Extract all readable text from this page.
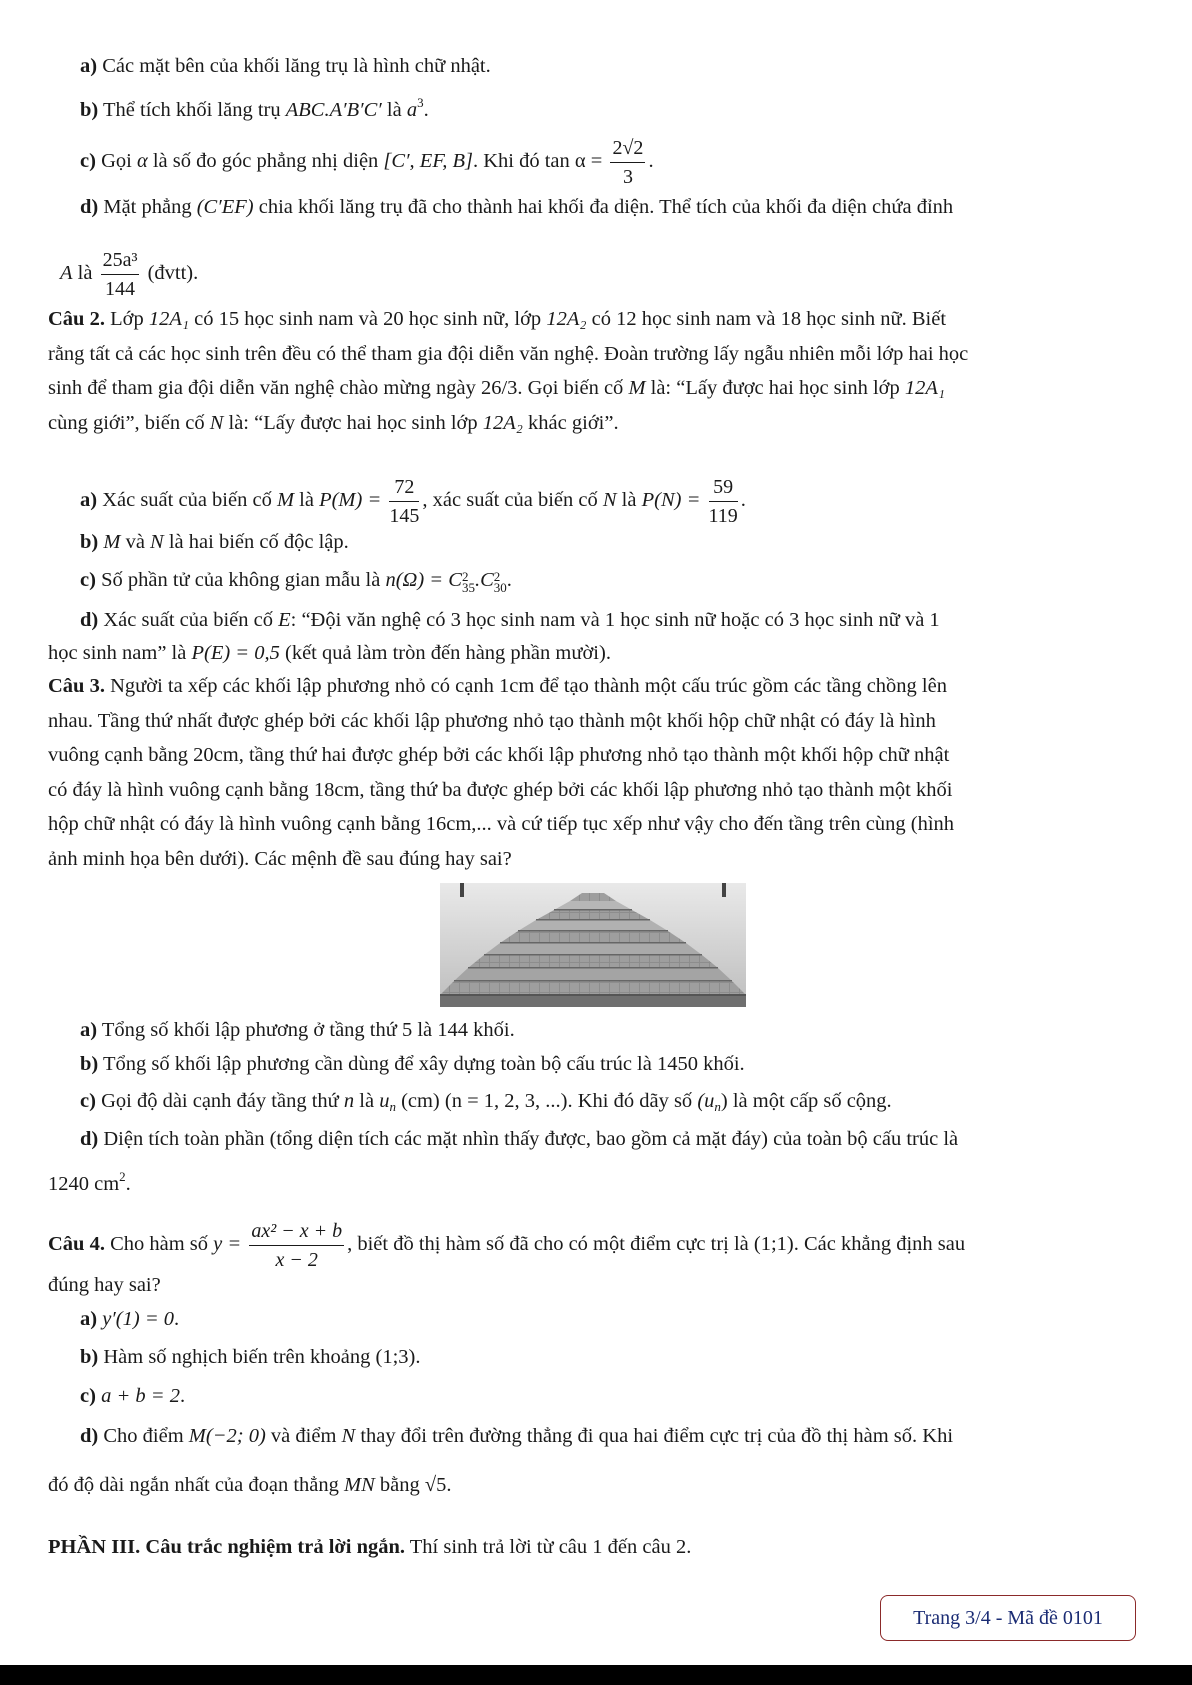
a) Các mặt bên của khối lăng trụ là hình chữ nhật.
b) Thể tích khối lăng trụ ABC.A′B′C′ là $a^3$.
c) Gọi α là số đo góc phẳng nhị diện [C′, EF, B]. Khi đó $\tan \alpha = \frac{2√2}{3}$ .
d) Mặt phẳng (C′EF) chia khối lăng trụ đã cho thành hai khối đa diện. Thể tích của khối đa diện chứa đỉnh
A là $\frac{\text{25a³}}{144}$ (đvtt).
Câu 2. Lớp 12A₁ có 15 học sinh nam và 20 học sinh nữ, lớp 12A₂ có 12 học sinh nam và 18 học sinh nữ. Biết
rằng tất cả các học sinh trên đều có thể tham gia đội diễn văn nghệ. Đoàn trường lấy ngẫu nhiên mỗi lớp hai học
sinh để tham gia đội diễn văn nghệ chào mừng ngày 26/3. Gọi biến cố M là: “Lấy được hai học sinh lớp 12A₁
cùng giới”, biến cố N là: “Lấy được hai học sinh lớp 12A₂ khác giới”.
a) Xác suất của biến cố M là $P(M) = \frac{72}{145}$ , xác suất của biến cố N là $P(N) = \frac{59}{119}$ .
b) M và N là hai biến cố độc lập.
c) Số phần tử của không gian mẫu là n(Ω) = C 2
35 .C 2
30 .
d) Xác suất của biến cố E: “Đội văn nghệ có 3 học sinh nam và 1 học sinh nữ hoặc có 3 học sinh nữ và 1
học sinh nam” là P(E) = 0,5 (kết quả làm tròn đến hàng phần mười).
Câu 3. Người ta xếp các khối lập phương nhỏ có cạnh 1cm để tạo thành một cấu trúc gồm các tầng chồng lên
nhau. Tầng thứ nhất được ghép bởi các khối lập phương nhỏ tạo thành một khối hộp chữ nhật có đáy là hình
vuông cạnh bằng 20cm, tầng thứ hai được ghép bởi các khối lập phương nhỏ tạo thành một khối hộp chữ nhật
có đáy là hình vuông cạnh bằng 18cm, tầng thứ ba được ghép bởi các khối lập phương nhỏ tạo thành một khối
hộp chữ nhật có đáy là hình vuông cạnh bằng 16cm,... và cứ tiếp tục xếp như vậy cho đến tầng trên cùng (hình
ảnh minh họa bên dưới). Các mệnh đề sau đúng hay sai?
a) Tổng số khối lập phương ở tầng thứ 5 là 144 khối.
b) Tổng số khối lập phương cần dùng để xây dựng toàn bộ cấu trúc là 1450 khối.
c) Gọi độ dài cạnh đáy tầng thứ n là $u_n$ (cm) (n = 1, 2, 3, ...). Khi đó dãy số $(u_n)$ là một cấp số cộng.
d) Diện tích toàn phần (tổng diện tích các mặt nhìn thấy được, bao gồm cả mặt đáy) của toàn bộ cấu trúc là
1240 $cm^2$.
Câu 4. Cho hàm số $y = \frac{\text{ax² − x + b}}{x - 2}$ , biết đồ thị hàm số đã cho có một điểm cực trị là (1;1). Các khẳng định sau
đúng hay sai?
a) y′(1) = 0.
b) Hàm số nghịch biến trên khoảng (1;3).
c) a + b = 2.
d) Cho điểm M(−2; 0) và điểm N thay đổi trên đường thẳng đi qua hai điểm cực trị của đồ thị hàm số. Khi
đó độ dài ngắn nhất của đoạn thẳng MN bằng √5.
PHẦN III. Câu trắc nghiệm trả lời ngắn. Thí sinh trả lời từ câu 1 đến câu 2.
Trang 3/4 - Mã đề 0101
